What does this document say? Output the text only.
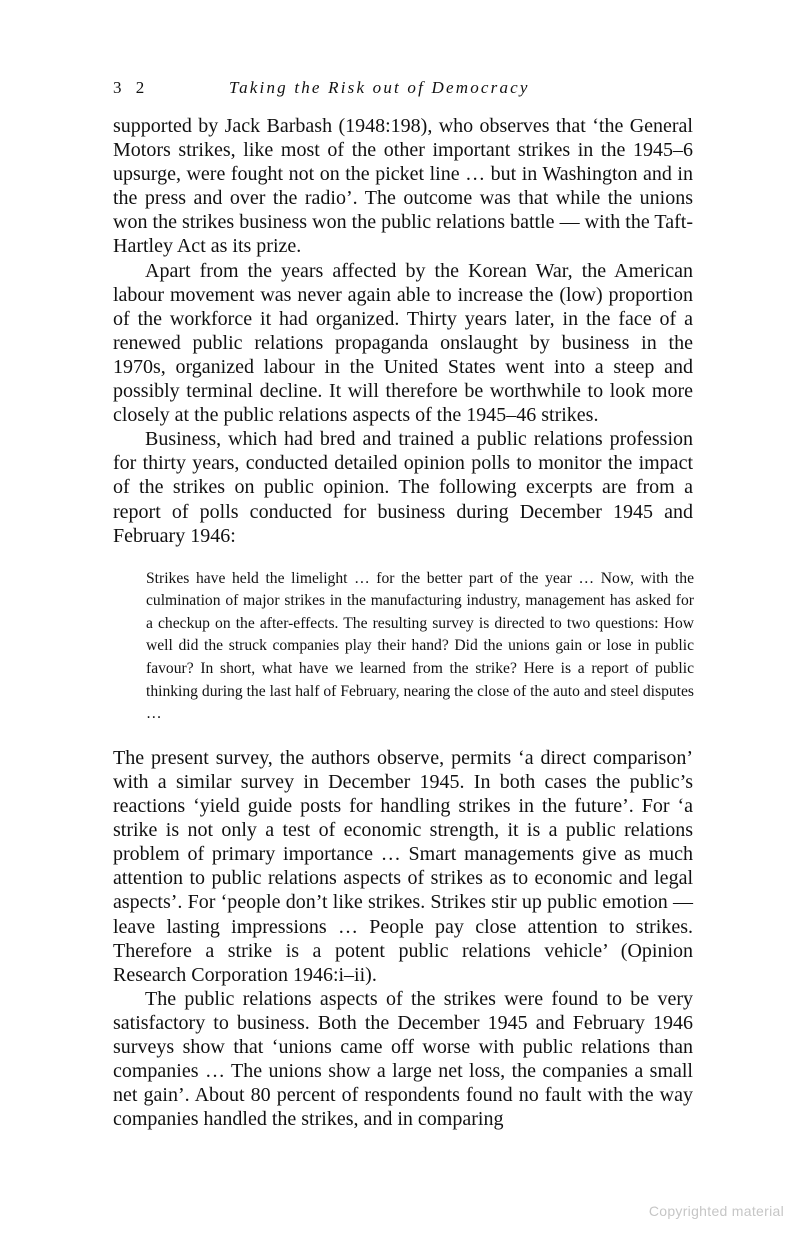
3 2	Taking the Risk out of Democracy

supported by Jack Barbash (1948:198), who observes that ‘the General Motors strikes, like most of the other important strikes in the 1945–6 upsurge, were fought not on the picket line … but in Washington and in the press and over the radio’. The outcome was that while the unions won the strikes business won the public relations battle — with the Taft-Hartley Act as its prize.

Apart from the years affected by the Korean War, the American labour movement was never again able to increase the (low) proportion of the workforce it had organized. Thirty years later, in the face of a renewed public relations propaganda onslaught by business in the 1970s, organized labour in the United States went into a steep and possibly terminal decline. It will therefore be worthwhile to look more closely at the public relations aspects of the 1945–46 strikes.

Business, which had bred and trained a public relations profession for thirty years, conducted detailed opinion polls to monitor the impact of the strikes on public opinion. The following excerpts are from a report of polls conducted for business during December 1945 and February 1946:

Strikes have held the limelight … for the better part of the year … Now, with the culmination of major strikes in the manufacturing industry, management has asked for a checkup on the after-effects. The resulting survey is directed to two questions: How well did the struck companies play their hand? Did the unions gain or lose in public favour? In short, what have we learned from the strike? Here is a report of public thinking during the last half of February, nearing the close of the auto and steel disputes …

The present survey, the authors observe, permits ‘a direct comparison’ with a similar survey in December 1945. In both cases the public’s reactions ‘yield guide posts for handling strikes in the future’. For ‘a strike is not only a test of economic strength, it is a public relations problem of primary importance … Smart managements give as much attention to public relations aspects of strikes as to economic and legal aspects’. For ‘people don’t like strikes. Strikes stir up public emotion — leave lasting impressions … People pay close attention to strikes. Therefore a strike is a potent public relations vehicle’ (Opinion Research Corporation 1946:i–ii).

The public relations aspects of the strikes were found to be very satisfactory to business. Both the December 1945 and February 1946 surveys show that ‘unions came off worse with public relations than companies … The unions show a large net loss, the companies a small net gain’. About 80 percent of respondents found no fault with the way companies handled the strikes, and in comparing

Copyrighted material
